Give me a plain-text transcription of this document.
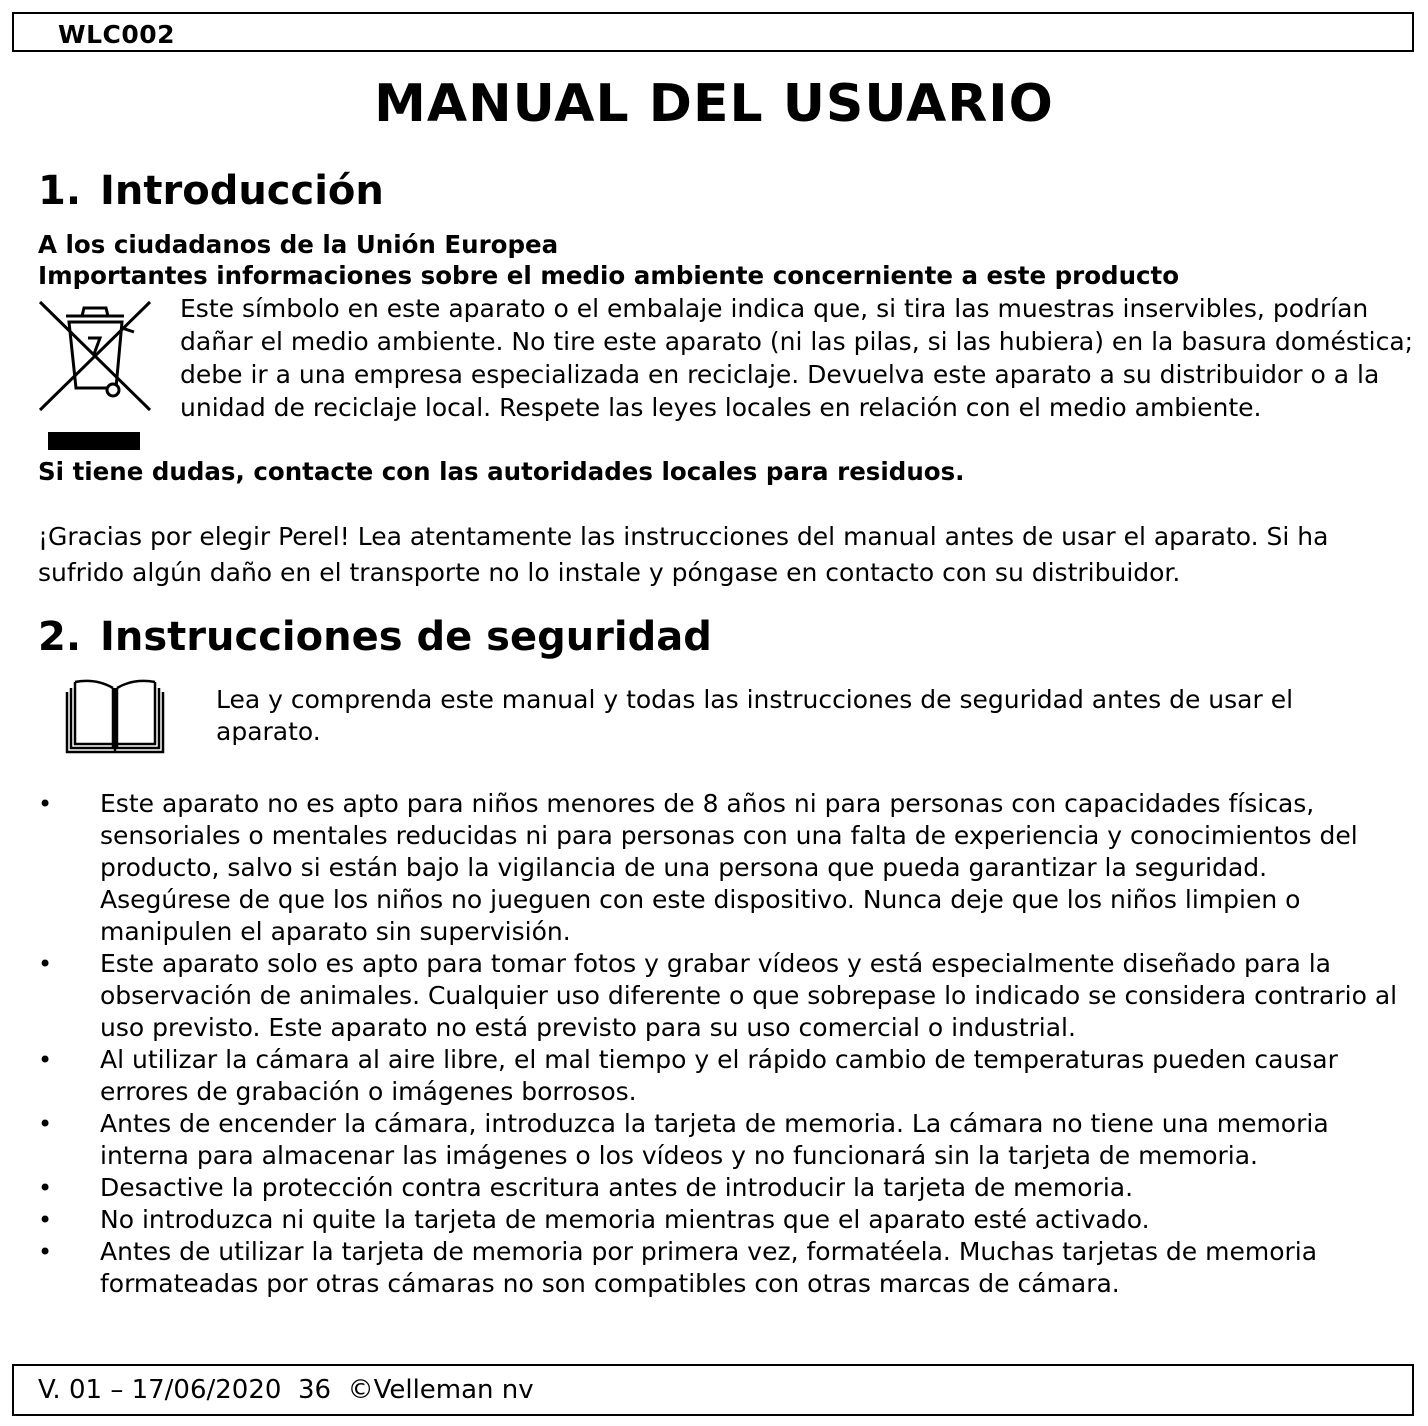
WLC002
MANUAL DEL USUARIO
1. Introducción
A los ciudadanos de la Unión Europea
Importantes informaciones sobre el medio ambiente concerniente a este producto
Este símbolo en este aparato o el embalaje indica que, si tira las muestras inservibles, podrían dañar el medio ambiente. No tire este aparato (ni las pilas, si las hubiera) en la basura doméstica; debe ir a una empresa especializada en reciclaje. Devuelva este aparato a su distribuidor o a la unidad de reciclaje local. Respete las leyes locales en relación con el medio ambiente.
Si tiene dudas, contacte con las autoridades locales para residuos.
¡Gracias por elegir Perel! Lea atentamente las instrucciones del manual antes de usar el aparato. Si ha sufrido algún daño en el transporte no lo instale y póngase en contacto con su distribuidor.
2. Instrucciones de seguridad
Lea y comprenda este manual y todas las instrucciones de seguridad antes de usar el aparato.
• Este aparato no es apto para niños menores de 8 años ni para personas con capacidades físicas, sensoriales o mentales reducidas ni para personas con una falta de experiencia y conocimientos del producto, salvo si están bajo la vigilancia de una persona que pueda garantizar la seguridad. Asegúrese de que los niños no jueguen con este dispositivo. Nunca deje que los niños limpien o manipulen el aparato sin supervisión.
• Este aparato solo es apto para tomar fotos y grabar vídeos y está especialmente diseñado para la observación de animales. Cualquier uso diferente o que sobrepase lo indicado se considera contrario al uso previsto. Este aparato no está previsto para su uso comercial o industrial.
• Al utilizar la cámara al aire libre, el mal tiempo y el rápido cambio de temperaturas pueden causar errores de grabación o imágenes borrosos.
• Antes de encender la cámara, introduzca la tarjeta de memoria. La cámara no tiene una memoria interna para almacenar las imágenes o los vídeos y no funcionará sin la tarjeta de memoria.
• Desactive la protección contra escritura antes de introducir la tarjeta de memoria.
• No introduzca ni quite la tarjeta de memoria mientras que el aparato esté activado.
• Antes de utilizar la tarjeta de memoria por primera vez, formatéela. Muchas tarjetas de memoria formateadas por otras cámaras no son compatibles con otras marcas de cámara.
V. 01 – 17/06/2020  36  ©Velleman nv
